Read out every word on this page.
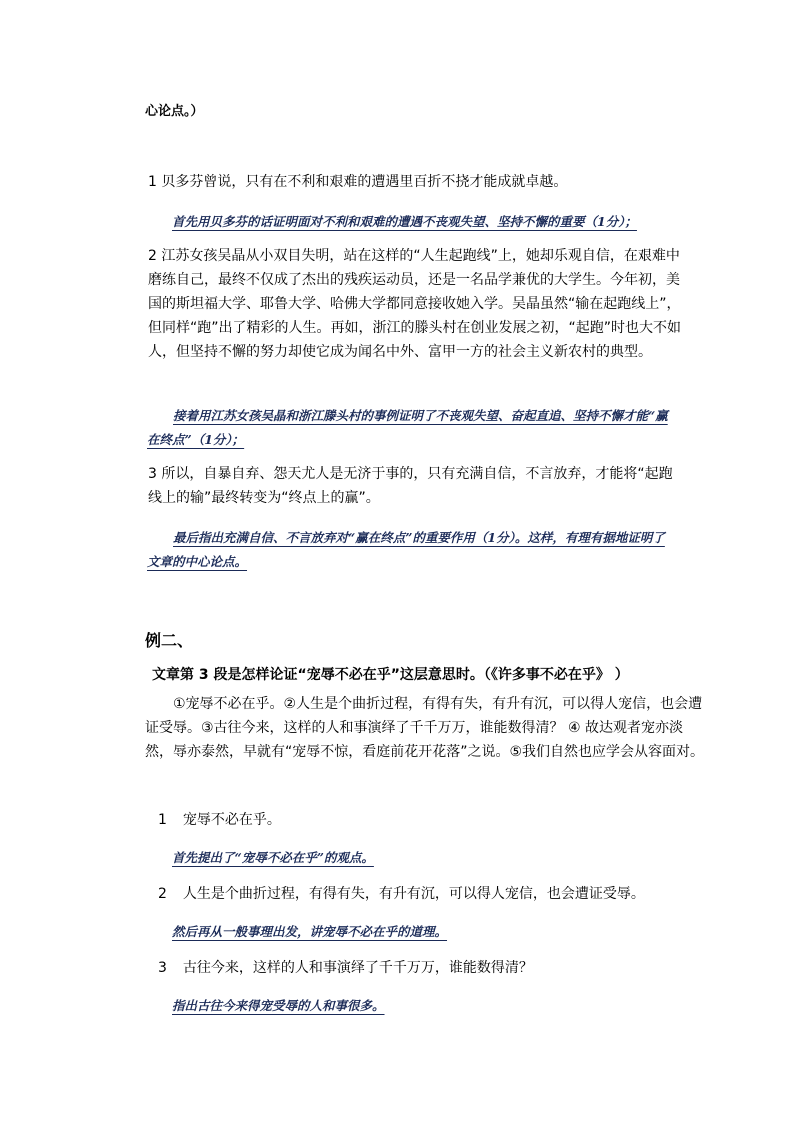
心论点。）
1 贝多芬曾说，只有在不利和艰难的遭遇里百折不挠才能成就卓越。
首先用贝多芬的话证明面对不利和艰难的遭遇不丧观失望、坚持不懈的重要（1分）；
2 江苏女孩吴晶从小双目失明，站在这样的“人生起跑线”上，她却乐观自信，在艰难中磨练自己，最终不仅成了杰出的残疾运动员，还是一名品学兼优的大学生。今年初，美国的斯坦福大学、耶鲁大学、哈佛大学都同意接收她入学。吴晶虽然“输在起跑线上”，但同样“跑”出了精彩的人生。再如，浙江的滕头村在创业发展之初，“起跑”时也大不如人，但坚持不懈的努力却使它成为闻名中外、富甲一方的社会主义新农村的典型。
接着用江苏女孩吴晶和浙江滕头村的事例证明了不丧观失望、奋起直追、坚持不懈才能“赢在终点”（1分）；
3 所以，自暴自弃、怨天尤人是无济于事的，只有充满自信，不言放弃，才能将“起跑线上的输”最终转变为“终点上的赢”。
最后指出充满自信、不言放弃对“赢在终点”的重要作用（1分）。这样，有理有据地证明了文章的中心论点。
例二、
文章第 3 段是怎样论证“宠辱不必在乎”这层意思时。（《许多事不必在乎》 ）
①宠辱不必在乎。②人生是个曲折过程，有得有失，有升有沉，可以得人宠信，也会遭证受辱。③古往今来，这样的人和事演绎了千千万万，谁能数得清？ ④ 故达观者宠亦淡然，辱亦泰然，早就有“宠辱不惊，看庭前花开花落”之说。⑤我们自然也应学会从容面对。
1 宠辱不必在乎。
首先提出了“宠辱不必在乎”的观点。
2 人生是个曲折过程，有得有失，有升有沉，可以得人宠信，也会遭证受辱。
然后再从一般事理出发，讲宠辱不必在乎的道理。
3 古往今来，这样的人和事演绎了千千万万，谁能数得清？
指出古往今来得宠受辱的人和事很多。
